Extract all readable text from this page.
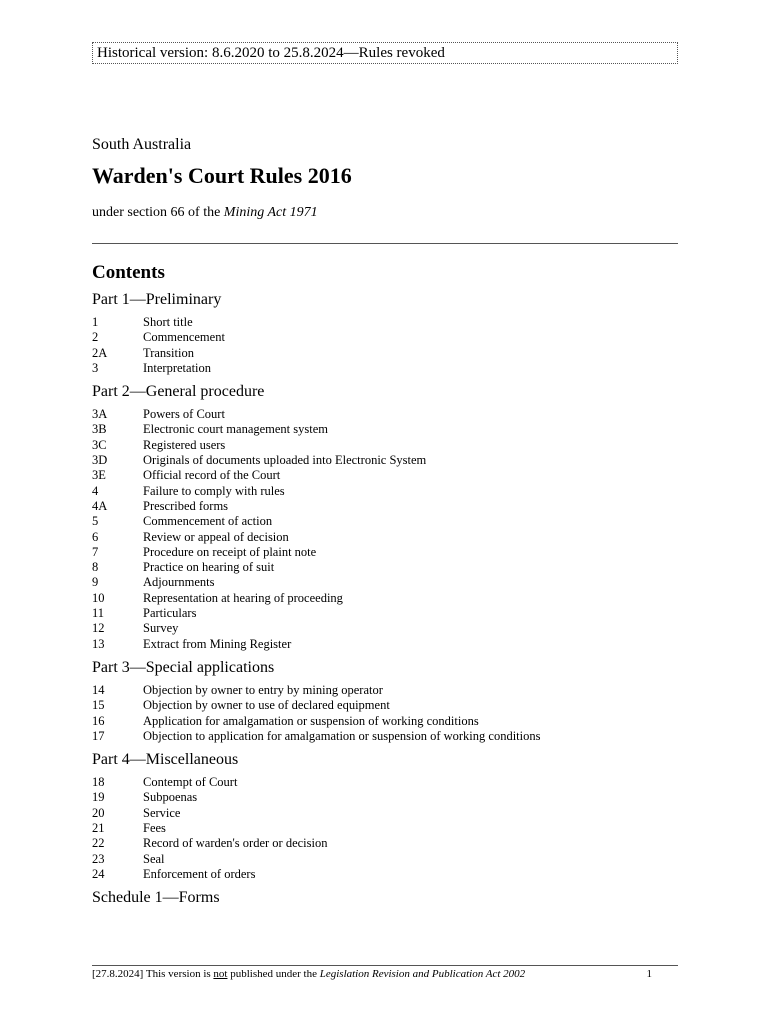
Historical version: 8.6.2020 to 25.8.2024—Rules revoked
South Australia
Warden's Court Rules 2016
under section 66 of the Mining Act 1971
Contents
Part 1—Preliminary
1	Short title
2	Commencement
2A	Transition
3	Interpretation
Part 2—General procedure
3A	Powers of Court
3B	Electronic court management system
3C	Registered users
3D	Originals of documents uploaded into Electronic System
3E	Official record of the Court
4	Failure to comply with rules
4A	Prescribed forms
5	Commencement of action
6	Review or appeal of decision
7	Procedure on receipt of plaint note
8	Practice on hearing of suit
9	Adjournments
10	Representation at hearing of proceeding
11	Particulars
12	Survey
13	Extract from Mining Register
Part 3—Special applications
14	Objection by owner to entry by mining operator
15	Objection by owner to use of declared equipment
16	Application for amalgamation or suspension of working conditions
17	Objection to application for amalgamation or suspension of working conditions
Part 4—Miscellaneous
18	Contempt of Court
19	Subpoenas
20	Service
21	Fees
22	Record of warden's order or decision
23	Seal
24	Enforcement of orders
Schedule 1—Forms
[27.8.2024] This version is not published under the Legislation Revision and Publication Act 2002	1
